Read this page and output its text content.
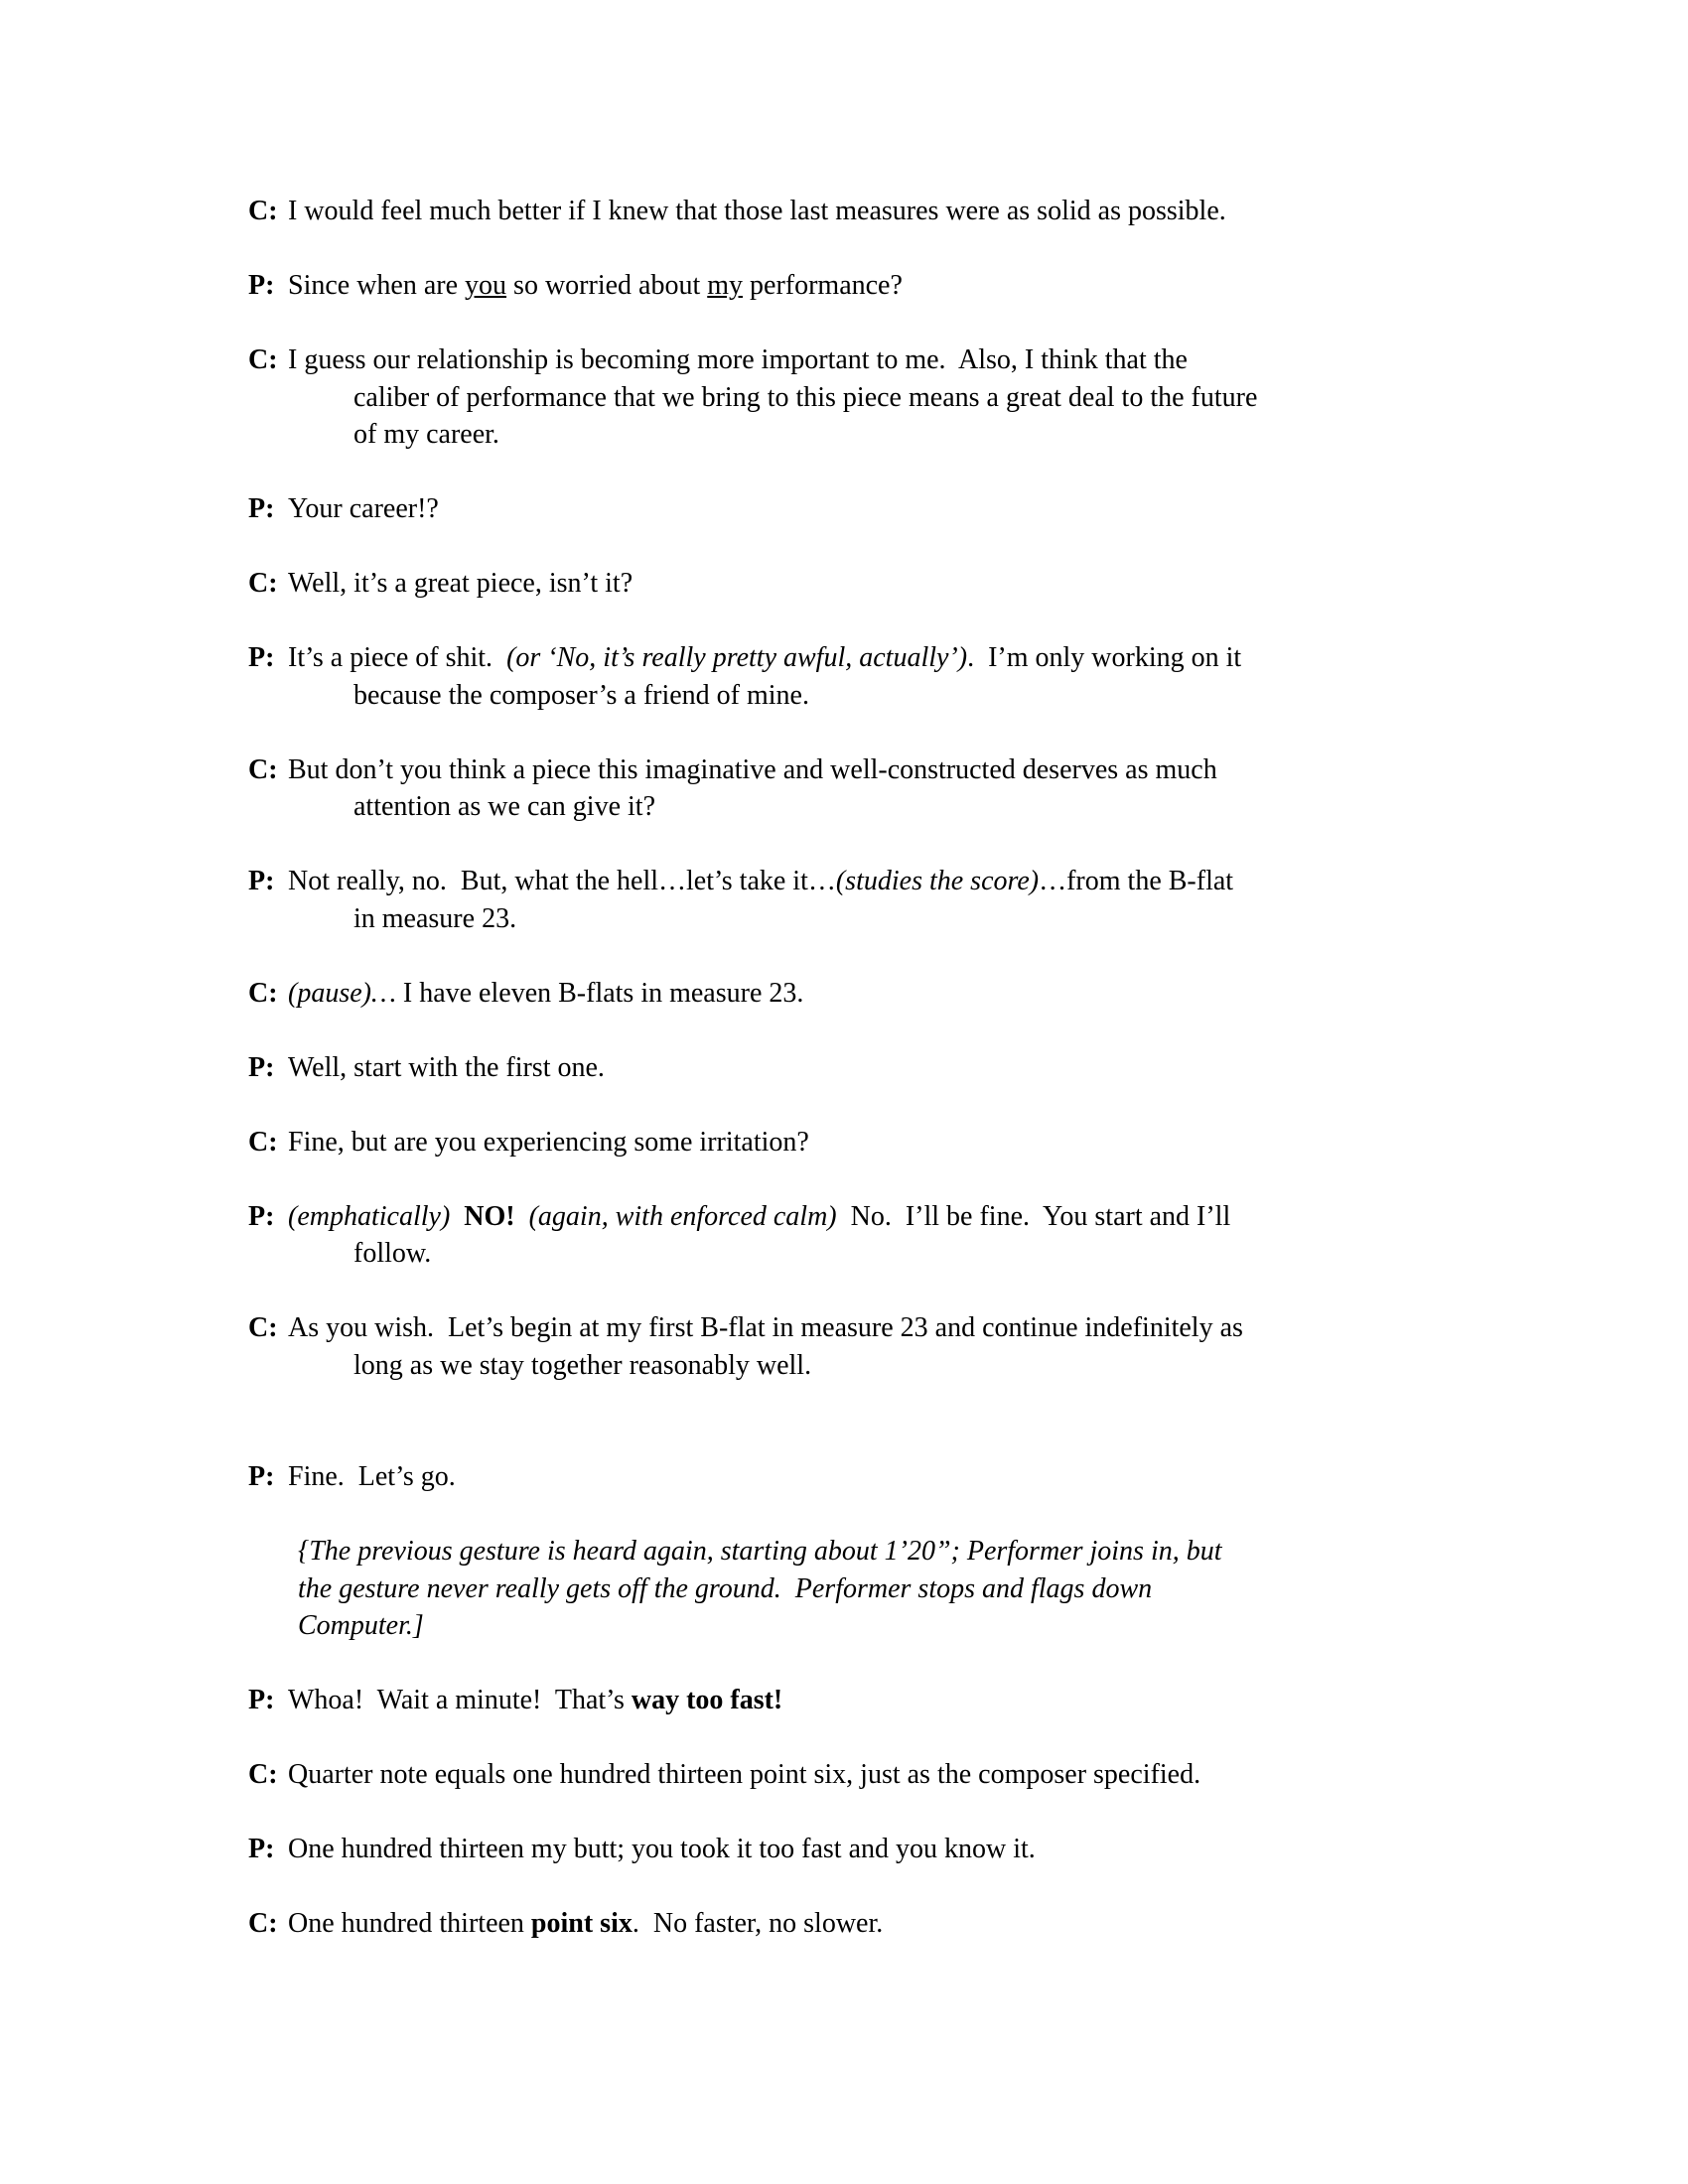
C: I would feel much better if I knew that those last measures were as solid as possible.
P: Since when are you so worried about my performance?
C: I guess our relationship is becoming more important to me.  Also, I think that the
caliber of performance that we bring to this piece means a great deal to the future
of my career.
P: Your career!?
C: Well, it’s a great piece, isn’t it?
P: It’s a piece of shit.  (or ‘No, it’s really pretty awful, actually’).  I’m only working on it
because the composer’s a friend of mine.
C: But don’t you think a piece this imaginative and well-constructed deserves as much
attention as we can give it?
P: Not really, no.  But, what the hell…let’s take it…(studies the score)…from the B-flat
in measure 23.
C: (pause)… I have eleven B-flats in measure 23.
P: Well, start with the first one.
C: Fine, but are you experiencing some irritation?
P: (emphatically) NO! (again, with enforced calm)  No.  I’ll be fine.  You start and I’ll
follow.
C: As you wish.  Let’s begin at my first B-flat in measure 23 and continue indefinitely as
long as we stay together reasonably well.
P: Fine.  Let’s go.
{The previous gesture is heard again, starting about 1’20”; Performer joins in, but
the gesture never really gets off the ground.  Performer stops and flags down
Computer.]
P: Whoa!  Wait a minute!  That’s way too fast!
C: Quarter note equals one hundred thirteen point six, just as the composer specified.
P: One hundred thirteen my butt; you took it too fast and you know it.
C: One hundred thirteen point six.  No faster, no slower.
